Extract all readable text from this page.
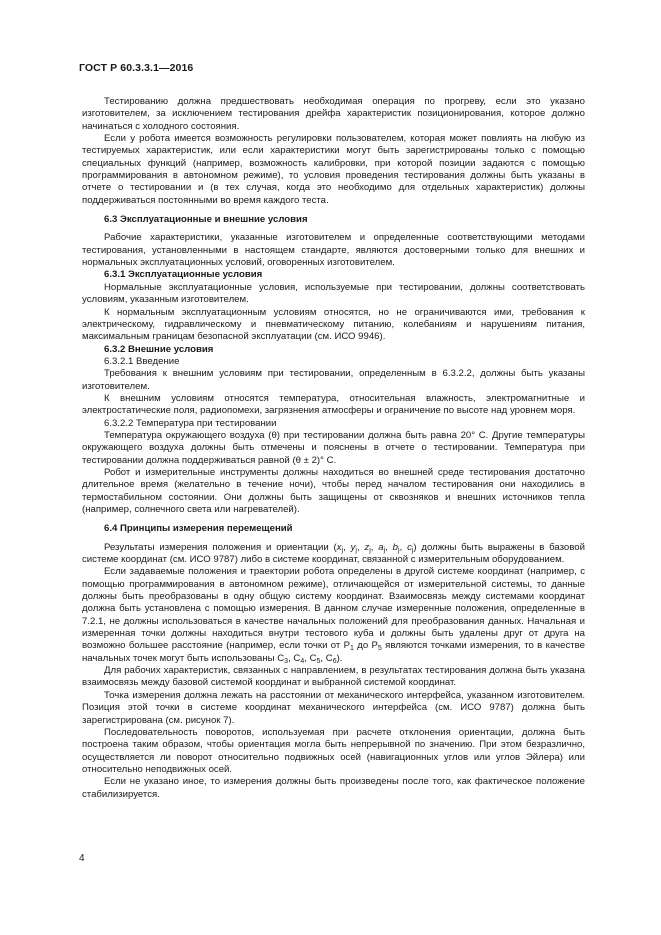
ГОСТ Р 60.3.3.1—2016

Тестированию должна предшествовать необходимая операция по прогреву, если это указано изготовителем, за исключением тестирования дрейфа характеристик позиционирования, которое должно начинаться с холодного состояния.

Если у робота имеется возможность регулировки пользователем, которая может повлиять на любую из тестируемых характеристик, или если характеристики могут быть зарегистрированы только с помощью специальных функций (например, возможность калибровки, при которой позиции задаются с помощью программирования в автономном режиме), то условия проведения тестирования должны быть указаны в отчете о тестировании и (в тех случая, когда это необходимо для отдельных характеристик) должны поддерживаться постоянными во время каждого теста.

6.3 Эксплуатационные и внешние условия

Рабочие характеристики, указанные изготовителем и определенные соответствующими методами тестирования, установленными в настоящем стандарте, являются достоверными только для внешних и нормальных эксплуатационных условий, оговоренных изготовителем.

6.3.1 Эксплуатационные условия

Нормальные эксплуатационные условия, используемые при тестировании, должны соответствовать условиям, указанным изготовителем.

К нормальным эксплуатационным условиям относятся, но не ограничиваются ими, требования к электрическому, гидравлическому и пневматическому питанию, колебаниям и нарушениям питания, максимальным границам безопасной эксплуатации (см. ИСО 9946).

6.3.2 Внешние условия

6.3.2.1 Введение

Требования к внешним условиям при тестировании, определенным в 6.3.2.2, должны быть указаны изготовителем.

К внешним условиям относятся температура, относительная влажность, электромагнитные и электростатические поля, радиопомехи, загрязнения атмосферы и ограничение по высоте над уровнем моря.

6.3.2.2 Температура при тестировании

Температура окружающего воздуха (θ) при тестировании должна быть равна 20° С. Другие температуры окружающего воздуха должны быть отмечены и пояснены в отчете о тестировании. Температура при тестировании должна поддерживаться равной (θ ± 2)° С.

Робот и измерительные инструменты должны находиться во внешней среде тестирования достаточно длительное время (желательно в течение ночи), чтобы перед началом тестирования они находились в термостабильном состоянии. Они должны быть защищены от сквозняков и внешних источников тепла (например, солнечного света или нагревателей).

6.4 Принципы измерения перемещений

Результаты измерения положения и ориентации ($x_j$, $y_j$, $z_j$, $a_j$, $b_j$, $c_j$) должны быть выражены в базовой системе координат (см. ИСО 9787) либо в системе координат, связанной с измерительным оборудованием.

Если задаваемые положения и траектории робота определены в другой системе координат (например, с помощью программирования в автономном режиме), отличающейся от измерительной системы, то данные должны быть преобразованы в одну общую систему координат. Взаимосвязь между системами координат должна быть установлена с помощью измерения. В данном случае измеренные положения, определенные в 7.2.1, не должны использоваться в качестве начальных положений для преобразования данных. Начальная и измеренная точки должны находиться внутри тестового куба и должны быть удалены друг от друга на возможно большее расстояние (например, если точки от $Р_1$ до $Р_5$ являются точками измерения, то в качестве начальных точек могут быть использованы $С_3$, $С_4$, $С_5$, $С_6$).

Для рабочих характеристик, связанных с направлением, в результатах тестирования должна быть указана взаимосвязь между базовой системой координат и выбранной системой координат.

Точка измерения должна лежать на расстоянии от механического интерфейса, указанном изготовителем. Позиция этой точки в системе координат механического интерфейса (см. ИСО 9787) должна быть зарегистрирована (см. рисунок 7).

Последовательность поворотов, используемая при расчете отклонения ориентации, должна быть построена таким образом, чтобы ориентация могла быть непрерывной по значению. При этом безразлично, осуществляется ли поворот относительно подвижных осей (навигационных углов или углов Эйлера) или относительно неподвижных осей.

Если не указано иное, то измерения должны быть произведены после того, как фактическое положение стабилизируется.

4
